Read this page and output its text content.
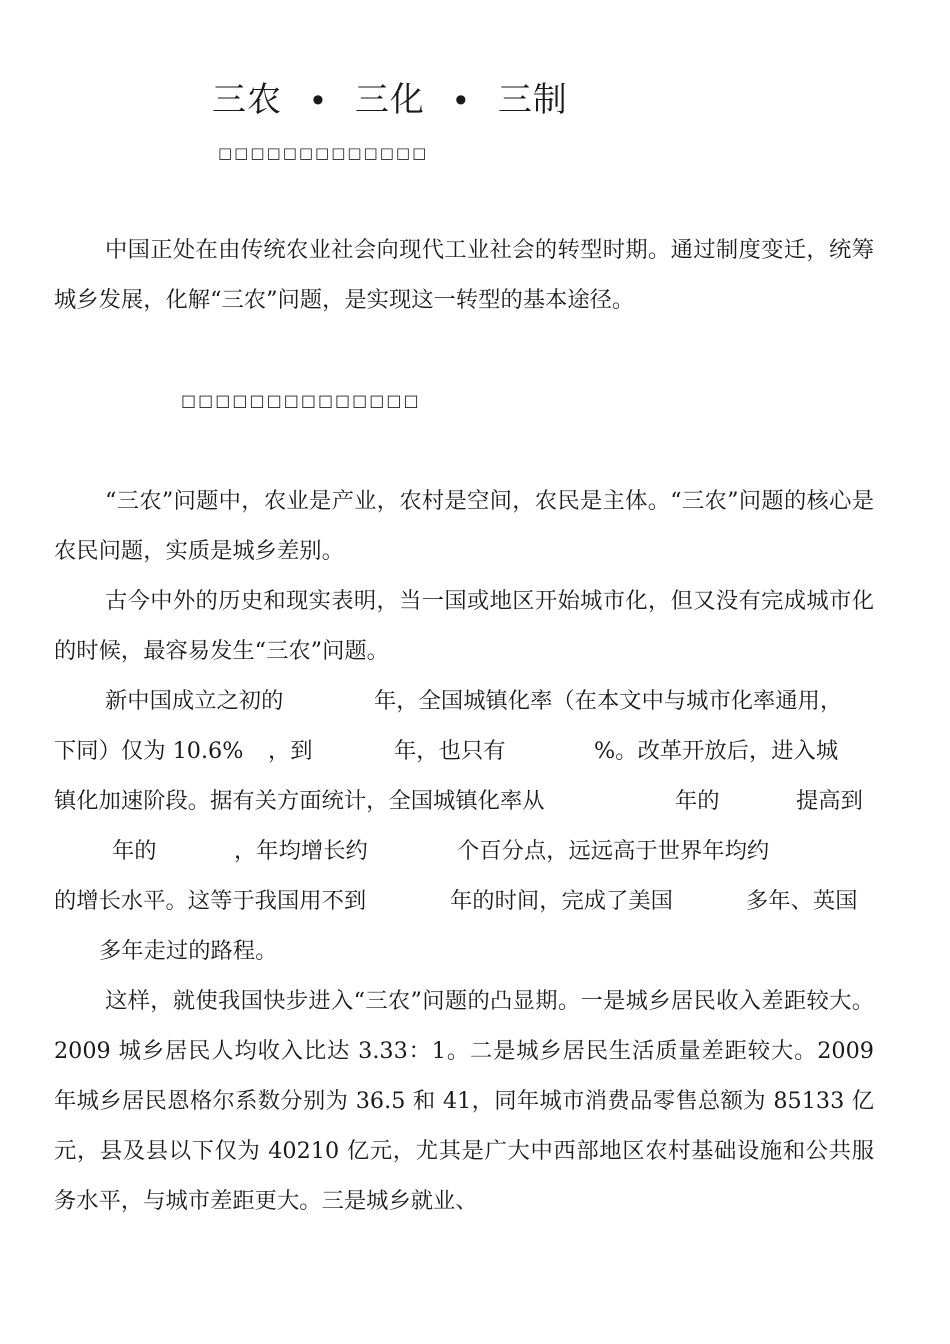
三农 • 三化 • 三制
□□□□□□□□□□□□□

中国正处在由传统农业社会向现代工业社会的转型时期。通过制度变迁，统筹城乡发展，化解“三农”问题，是实现这一转型的基本途径。

□□□□□□□□□□□□□□

“三农”问题中，农业是产业，农村是空间，农民是主体。“三农”问题的核心是农民问题，实质是城乡差别。

古今中外的历史和现实表明，当一国或地区开始城市化，但又没有完成城市化的时候，最容易发生“三农”问题。

新中国成立之初的	年，全国城镇化率（在本文中与城市化率通用，
下同）仅为 10.6% ，到	年，也只有	%。改革开放后，进入城
镇化加速阶段。据有关方面统计，全国城镇化率从	年的	提高到
年的	，年均增长约	个百分点，远远高于世界年均约
的增长水平。这等于我国用不到	年的时间，完成了美国	多年、英国
多年走过的路程。

这样，就使我国快步进入“三农”问题的凸显期。一是城乡居民收入差距较大。2009 城乡居民人均收入比达 3.33：1。二是城乡居民生活质量差距较大。2009 年城乡居民恩格尔系数分别为 36.5 和 41，同年城市消费品零售总额为 85133 亿元，县及县以下仅为 40210 亿元，尤其是广大中西部地区农村基础设施和公共服务水平，与城市差距更大。三是城乡就业、
